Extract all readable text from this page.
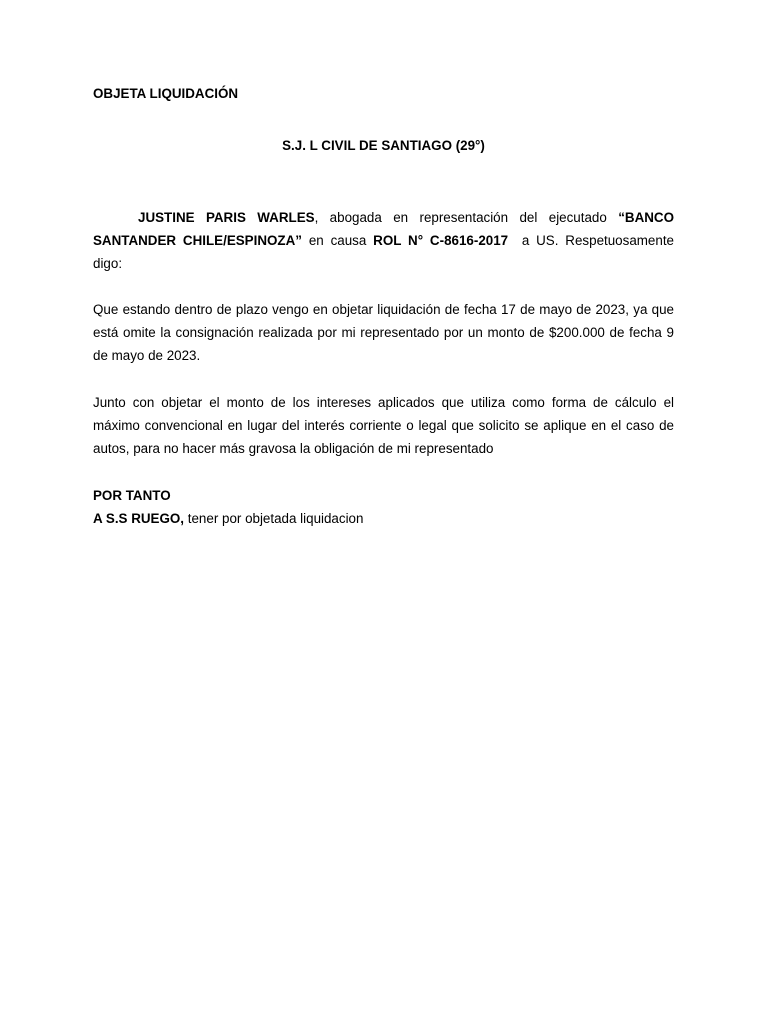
OBJETA LIQUIDACIÓN
S.J. L CIVIL DE SANTIAGO (29°)
JUSTINE PARIS WARLES, abogada en representación del ejecutado “BANCO SANTANDER CHILE/ESPINOZA” en causa ROL N° C-8616-2017  a US. Respetuosamente digo:
Que estando dentro de plazo vengo en objetar liquidación de fecha 17 de mayo de 2023, ya que está omite la consignación realizada por mi representado por un monto de $200.000 de fecha 9 de mayo de 2023.
Junto con objetar el monto de los intereses aplicados que utiliza como forma de cálculo el máximo convencional en lugar del interés corriente o legal que solicito se aplique en el caso de autos, para no hacer más gravosa la obligación de mi representado
POR TANTO
A S.S RUEGO, tener por objetada liquidacion
